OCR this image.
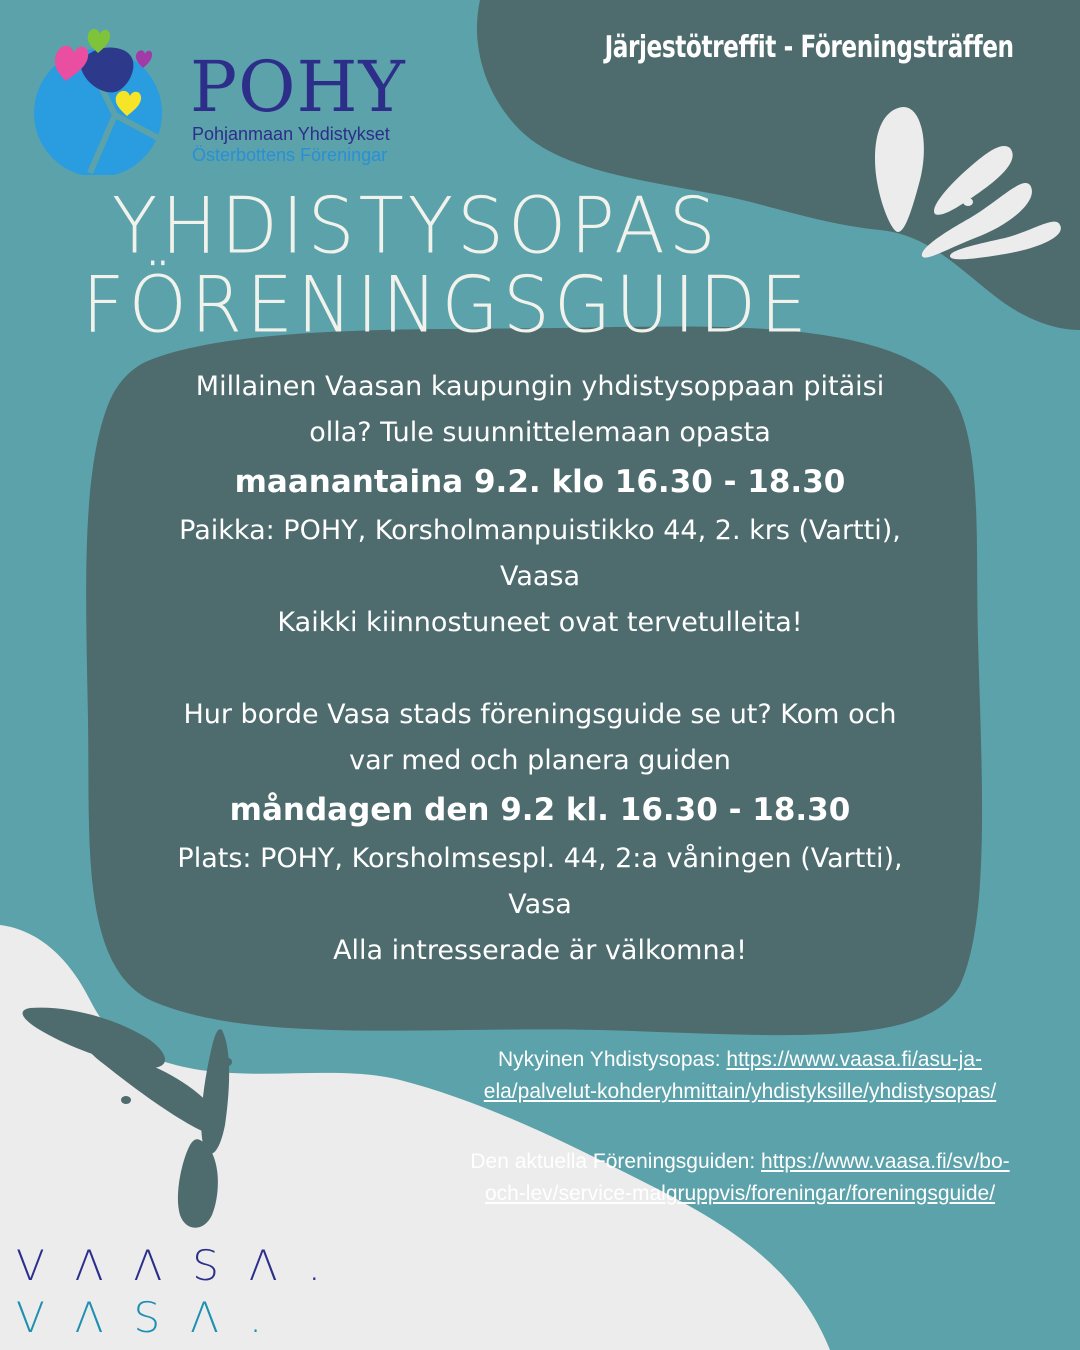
Järjestötreffit - Föreningsträffen
POHY
Pohjanmaan Yhdistykset
Österbottens Föreningar
YHDISTYSOPAS
FÖRENINGSGUIDE

Millainen Vaasan kaupungin yhdistysoppaan pitäisi

olla? Tule suunnittelemaan opasta

maanantaina 9.2. klo 16.30 - 18.30

Paikka: POHY, Korsholmanpuistikko 44, 2. krs (Vartti),

Vaasa

Kaikki kiinnostuneet ovat tervetulleita!

Hur borde Vasa stads föreningsguide se ut? Kom och

var med och planera guiden

måndagen den 9.2 kl. 16.30 - 18.30

Plats: POHY, Korsholmsespl. 44, 2:a våningen (Vartti),

Vasa

Alla intresserade är välkomna!

Nykyinen Yhdistysopas: https://www.vaasa.fi/asu-ja-

ela/palvelut-kohderyhmittain/yhdistyksille/yhdistysopas/

Den aktuella Föreningsguiden: https://www.vaasa.fi/sv/bo-

och-lev/service-malgruppvis/foreningar/foreningsguide/

VΛΛSΛ.
VΛSΛ.
